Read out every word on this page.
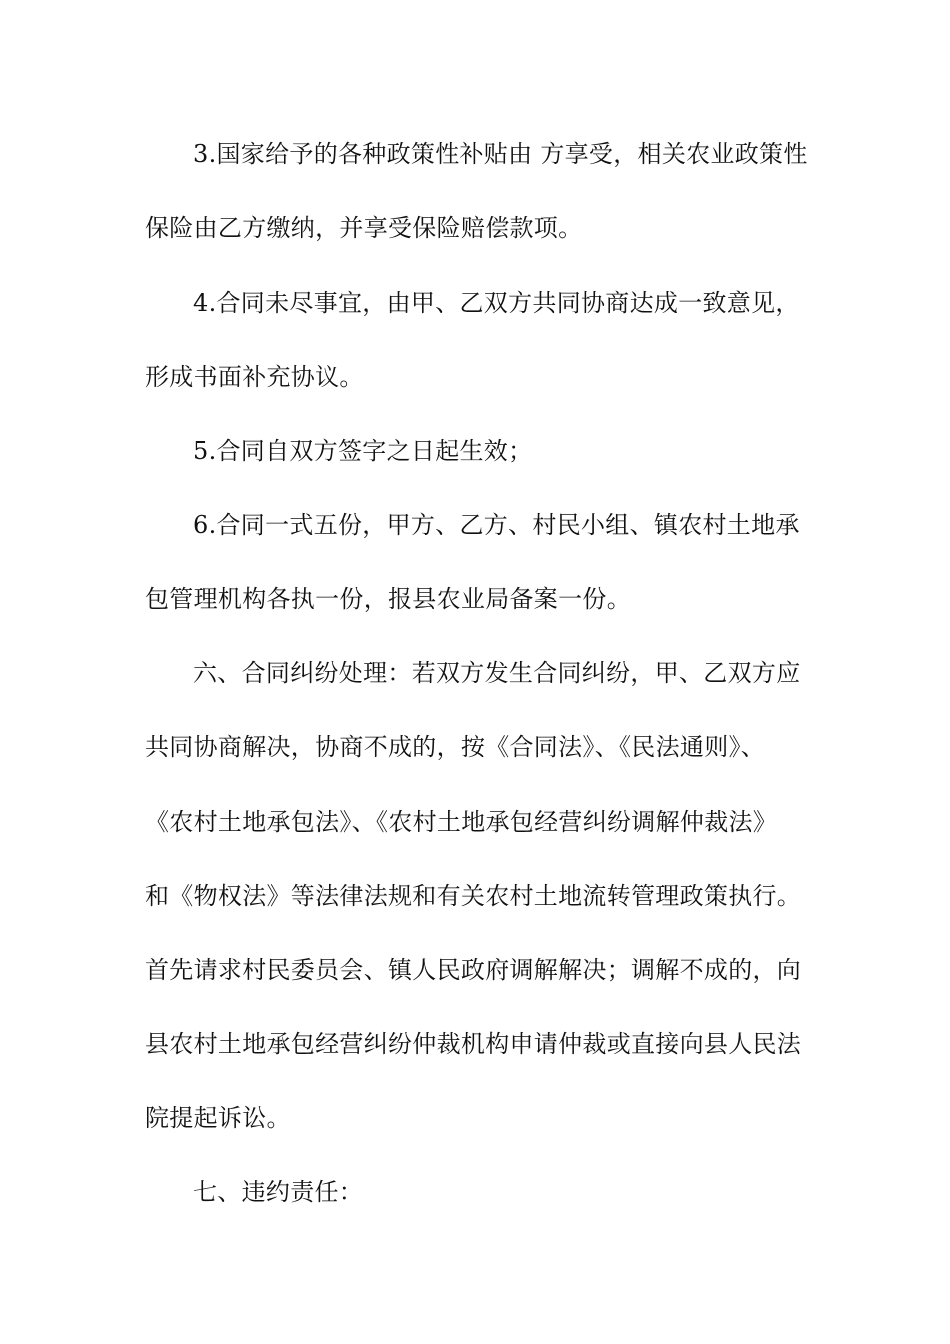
3.国家给予的各种政策性补贴由 方享受，相关农业政策性
保险由乙方缴纳，并享受保险赔偿款项。
4.合同未尽事宜，由甲、乙双方共同协商达成一致意见，
形成书面补充协议。
5.合同自双方签字之日起生效；
6.合同一式五份，甲方、乙方、村民小组、镇农村土地承
包管理机构各执一份，报县农业局备案一份。
六、合同纠纷处理：若双方发生合同纠纷，甲、乙双方应
共同协商解决，协商不成的，按《合同法》、《民法通则》、
《农村土地承包法》、《农村土地承包经营纠纷调解仲裁法》
和《物权法》等法律法规和有关农村土地流转管理政策执行。
首先请求村民委员会、镇人民政府调解解决；调解不成的，向
县农村土地承包经营纠纷仲裁机构申请仲裁或直接向县人民法
院提起诉讼。
七、违约责任：
